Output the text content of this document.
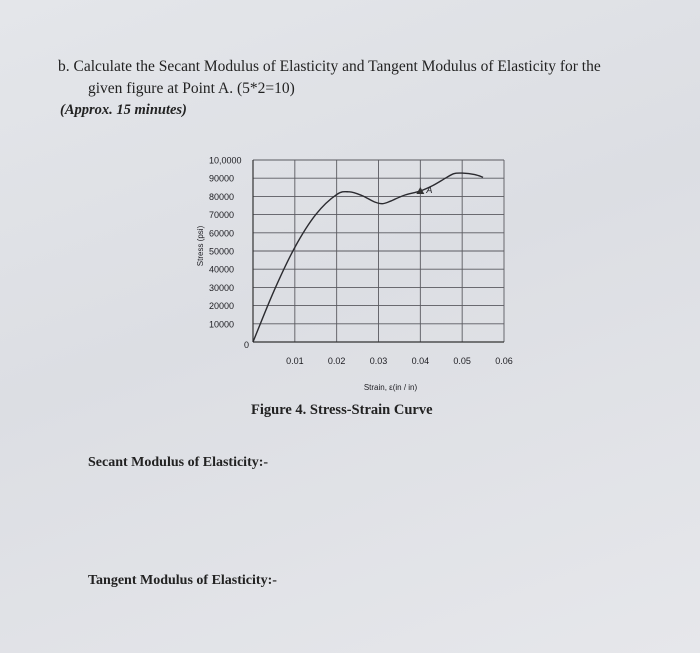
b. Calculate the Secant Modulus of Elasticity and Tangent Modulus of Elasticity for the
given figure at Point A. (5*2=10)
(Approx. 15 minutes)
10000
20000
30000
40000
50000
60000
70000
80000
90000
10,0000
0
0.01	0.02	0.03	0.04	0.05	0.06
A
Stress (psi)
Strain, ε(in / in)
Figure 4. Stress-Strain Curve
Secant Modulus of Elasticity:-
Tangent Modulus of Elasticity:-
